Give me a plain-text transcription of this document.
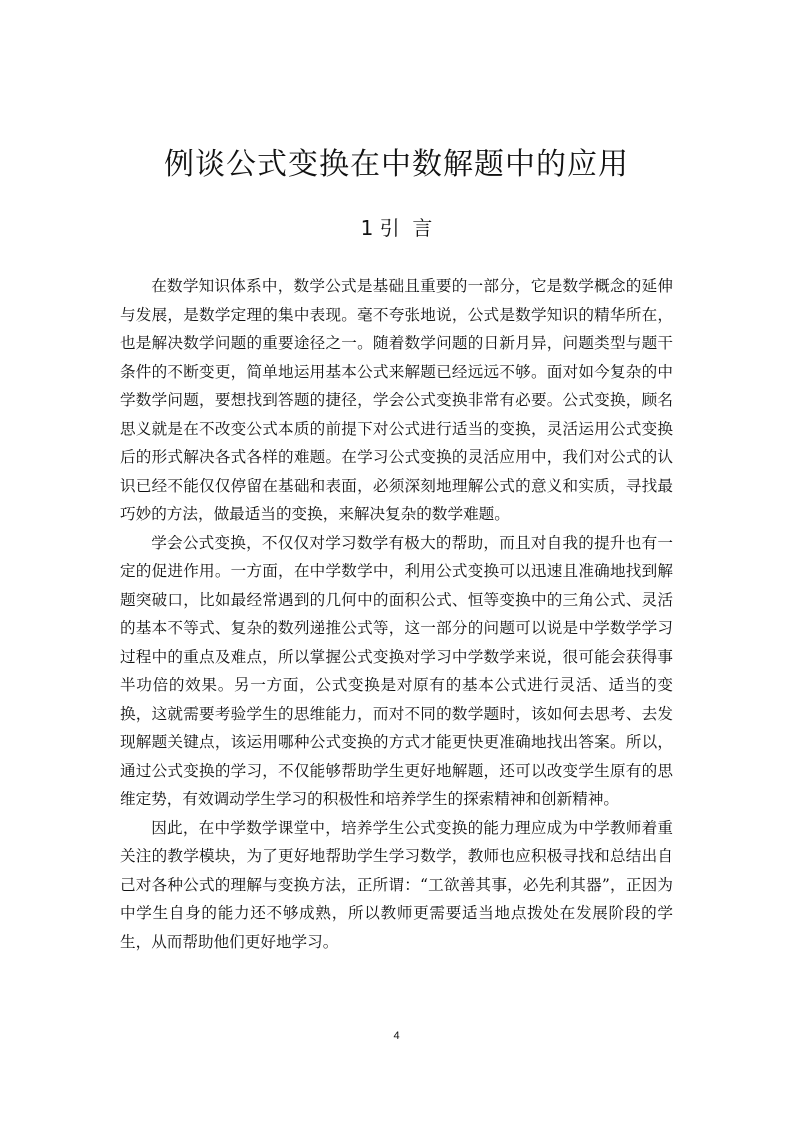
例谈公式变换在中数解题中的应用
1 引  言

在数学知识体系中，数学公式是基础且重要的一部分，它是数学概念的延伸与发展，是数学定理的集中表现。毫不夸张地说，公式是数学知识的精华所在，也是解决数学问题的重要途径之一。随着数学问题的日新月异，问题类型与题干条件的不断变更，简单地运用基本公式来解题已经远远不够。面对如今复杂的中学数学问题，要想找到答题的捷径，学会公式变换非常有必要。公式变换，顾名思义就是在不改变公式本质的前提下对公式进行适当的变换，灵活运用公式变换后的形式解决各式各样的难题。在学习公式变换的灵活应用中，我们对公式的认识已经不能仅仅停留在基础和表面，必须深刻地理解公式的意义和实质，寻找最巧妙的方法，做最适当的变换，来解决复杂的数学难题。

学会公式变换，不仅仅对学习数学有极大的帮助，而且对自我的提升也有一定的促进作用。一方面，在中学数学中，利用公式变换可以迅速且准确地找到解题突破口，比如最经常遇到的几何中的面积公式、恒等变换中的三角公式、灵活的基本不等式、复杂的数列递推公式等，这一部分的问题可以说是中学数学学习过程中的重点及难点，所以掌握公式变换对学习中学数学来说，很可能会获得事半功倍的效果。另一方面，公式变换是对原有的基本公式进行灵活、适当的变换，这就需要考验学生的思维能力，而对不同的数学题时，该如何去思考、去发现解题关键点，该运用哪种公式变换的方式才能更快更准确地找出答案。所以，通过公式变换的学习，不仅能够帮助学生更好地解题，还可以改变学生原有的思维定势，有效调动学生学习的积极性和培养学生的探索精神和创新精神。

因此，在中学数学课堂中，培养学生公式变换的能力理应成为中学教师着重关注的教学模块，为了更好地帮助学生学习数学，教师也应积极寻找和总结出自己对各种公式的理解与变换方法，正所谓：“工欲善其事，必先利其器”，正因为中学生自身的能力还不够成熟，所以教师更需要适当地点拨处在发展阶段的学生，从而帮助他们更好地学习。

4
